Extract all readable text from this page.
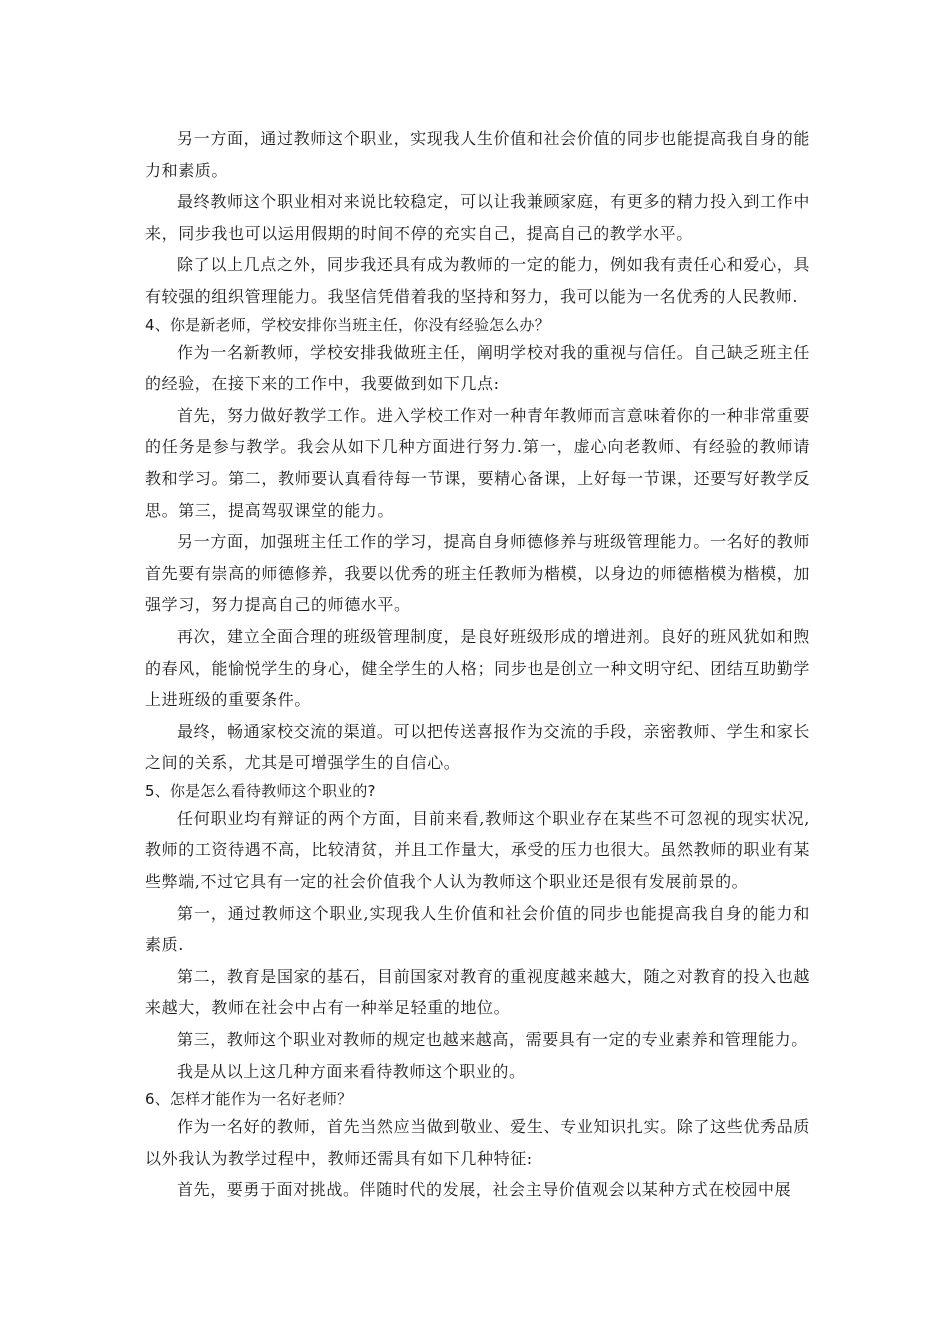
另一方面，通过教师这个职业，实现我人生价值和社会价值的同步也能提高我自身的能力和素质。

最终教师这个职业相对来说比较稳定，可以让我兼顾家庭，有更多的精力投入到工作中来，同步我也可以运用假期的时间不停的充实自己，提高自己的教学水平。

除了以上几点之外，同步我还具有成为教师的一定的能力，例如我有责任心和爱心，具有较强的组织管理能力。我坚信凭借着我的坚持和努力，我可以能为一名优秀的人民教师.

4、你是新老师，学校安排你当班主任，你没有经验怎么办？

作为一名新教师，学校安排我做班主任，阐明学校对我的重视与信任。自己缺乏班主任的经验，在接下来的工作中，我要做到如下几点:

首先，努力做好教学工作。进入学校工作对一种青年教师而言意味着你的一种非常重要的任务是参与教学。我会从如下几种方面进行努力.第一，虚心向老教师、有经验的教师请教和学习。第二，教师要认真看待每一节课，要精心备课，上好每一节课，还要写好教学反思。第三，提高驾驭课堂的能力。

另一方面，加强班主任工作的学习，提高自身师德修养与班级管理能力。一名好的教师首先要有崇高的师德修养，我要以优秀的班主任教师为楷模，以身边的师德楷模为楷模，加强学习，努力提高自己的师德水平。

再次，建立全面合理的班级管理制度，是良好班级形成的增进剂。良好的班风犹如和煦的春风，能愉悦学生的身心，健全学生的人格；同步也是创立一种文明守纪、团结互助勤学上进班级的重要条件。

最终，畅通家校交流的渠道。可以把传送喜报作为交流的手段，亲密教师、学生和家长之间的关系，尤其是可增强学生的自信心。

5、你是怎么看待教师这个职业的?

任何职业均有辩证的两个方面，目前来看,教师这个职业存在某些不可忽视的现实状况,教师的工资待遇不高，比较清贫，并且工作量大，承受的压力也很大。虽然教师的职业有某些弊端,不过它具有一定的社会价值我个人认为教师这个职业还是很有发展前景的。

第一，通过教师这个职业,实现我人生价值和社会价值的同步也能提高我自身的能力和素质.

第二，教育是国家的基石，目前国家对教育的重视度越来越大，随之对教育的投入也越来越大，教师在社会中占有一种举足轻重的地位。

第三，教师这个职业对教师的规定也越来越高，需要具有一定的专业素养和管理能力。

我是从以上这几种方面来看待教师这个职业的。

6、怎样才能作为一名好老师？

作为一名好的教师，首先当然应当做到敬业、爱生、专业知识扎实。除了这些优秀品质以外我认为教学过程中，教师还需具有如下几种特征:

首先，要勇于面对挑战。伴随时代的发展，社会主导价值观会以某种方式在校园中展
